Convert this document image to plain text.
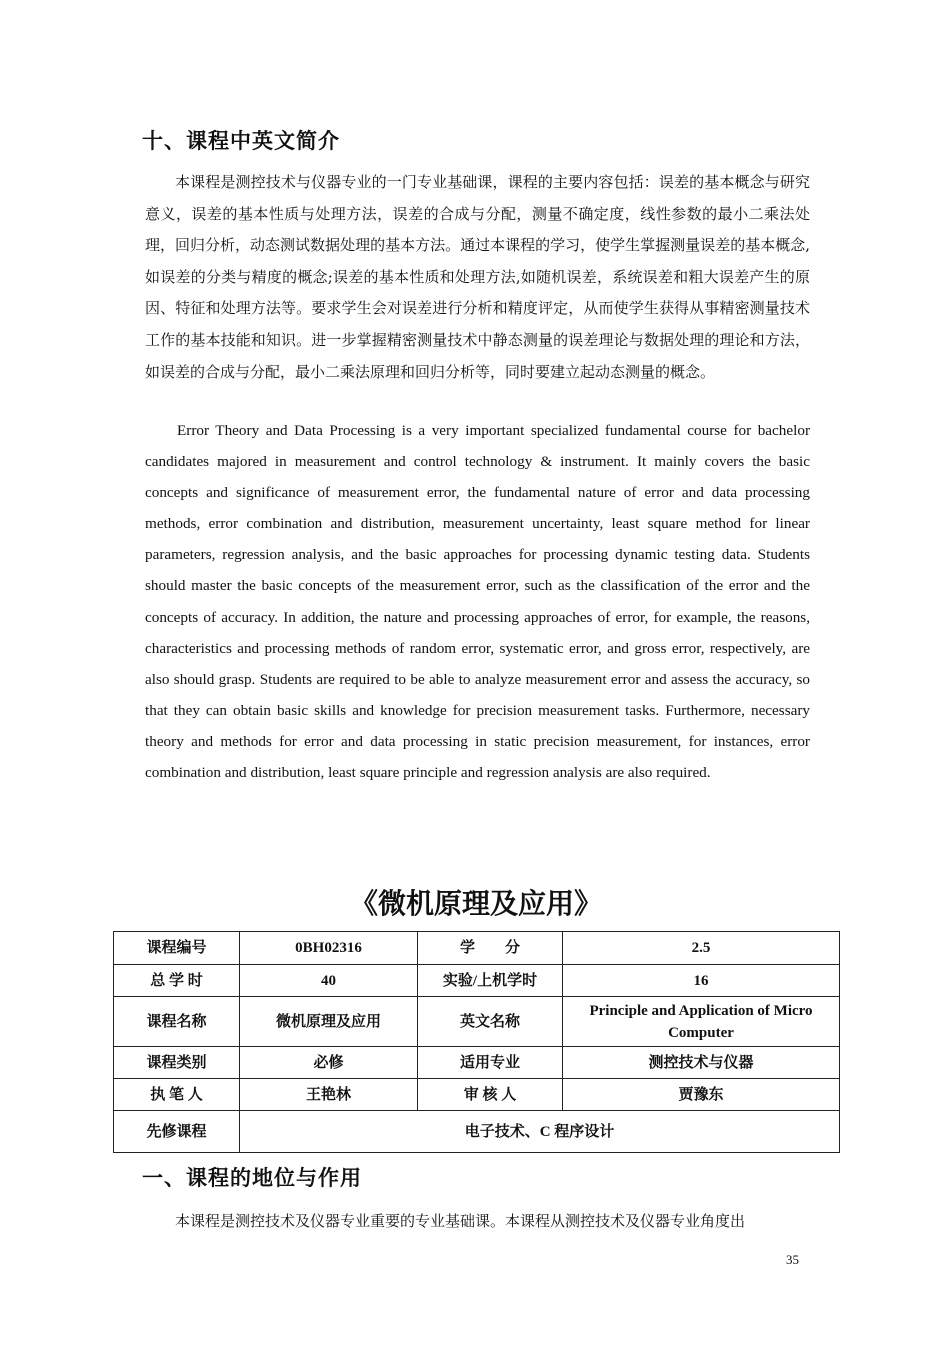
十、课程中英文简介
本课程是测控技术与仪器专业的一门专业基础课，课程的主要内容包括：误差的基本概念与研究意义，误差的基本性质与处理方法，误差的合成与分配，测量不确定度，线性参数的最小二乘法处理，回归分析，动态测试数据处理的基本方法。通过本课程的学习，使学生掌握测量误差的基本概念,如误差的分类与精度的概念;误差的基本性质和处理方法,如随机误差，系统误差和粗大误差产生的原因、特征和处理方法等。要求学生会对误差进行分析和精度评定，从而使学生获得从事精密测量技术工作的基本技能和知识。进一步掌握精密测量技术中静态测量的误差理论与数据处理的理论和方法，如误差的合成与分配，最小二乘法原理和回归分析等，同时要建立起动态测量的概念。
Error Theory and Data Processing is a very important specialized fundamental course for bachelor candidates majored in measurement and control technology & instrument. It mainly covers the basic concepts and significance of measurement error, the fundamental nature of error and data processing methods, error combination and distribution, measurement uncertainty, least square method for linear parameters, regression analysis, and the basic approaches for processing dynamic testing data. Students should master the basic concepts of the measurement error, such as the classification of the error and the concepts of accuracy. In addition, the nature and processing approaches of error, for example, the reasons, characteristics and processing methods of random error, systematic error, and gross error, respectively, are also should grasp. Students are required to be able to analyze measurement error and assess the accuracy, so that they can obtain basic skills and knowledge for precision measurement tasks. Furthermore, necessary theory and methods for error and data processing in static precision measurement, for instances, error combination and distribution, least square principle and regression analysis are also required.
《微机原理及应用》
课程编号	0BH02316	学　　分	2.5
总 学 时	40	实验/上机学时	16
课程名称	微机原理及应用	英文名称	Principle and Application of Micro Computer
课程类别	必修	适用专业	测控技术与仪器
执 笔 人	王艳林	审 核 人	贾豫东
先修课程	电子技术、C 程序设计		
一、课程的地位与作用
本课程是测控技术及仪器专业重要的专业基础课。本课程从测控技术及仪器专业角度出
35
